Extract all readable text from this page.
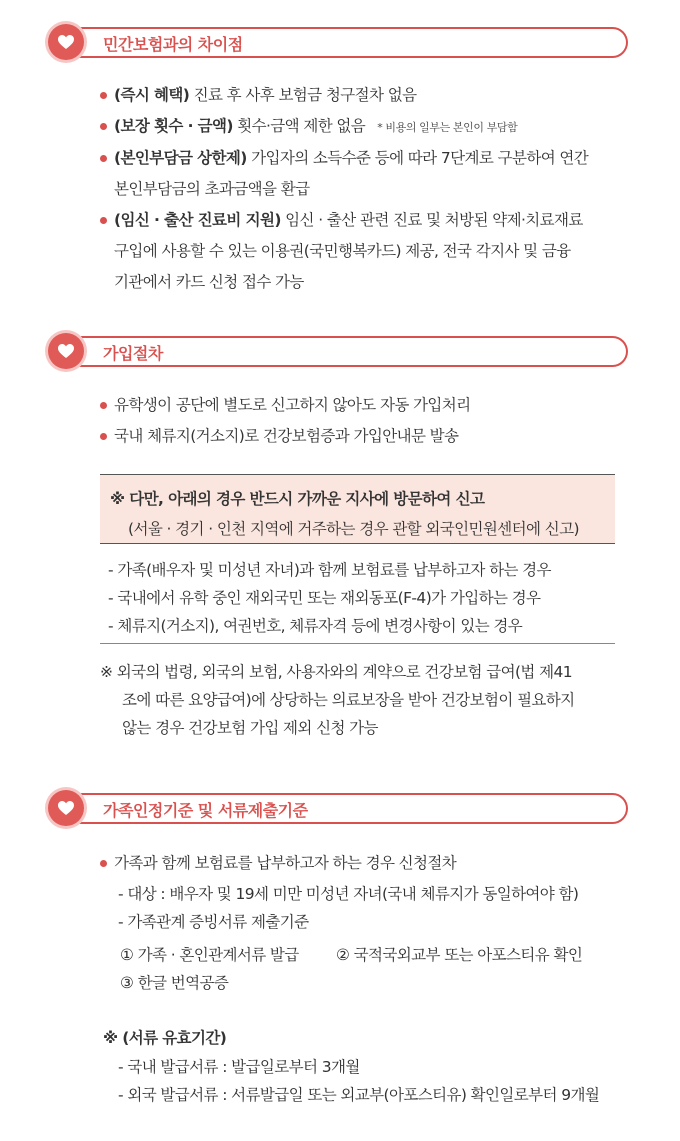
민간보험과의 차이점
(즉시 혜택) 진료 후 사후 보험금 청구절차 없음
(보장 횟수 · 금액) 횟수·금액 제한 없음 * 비용의 일부는 본인이 부담함
(본인부담금 상한제) 가입자의 소득수준 등에 따라 7단계로 구분하여 연간
본인부담금의 초과금액을 환급
(임신 · 출산 진료비 지원) 임신 · 출산 관련 진료 및 처방된 약제·치료재료
구입에 사용할 수 있는 이용권(국민행복카드) 제공, 전국 각지사 및 금융
기관에서 카드 신청 접수 가능
가입절차
유학생이 공단에 별도로 신고하지 않아도 자동 가입처리
국내 체류지(거소지)로 건강보험증과 가입안내문 발송
※ 다만, 아래의 경우 반드시 가까운 지사에 방문하여 신고
(서울 · 경기 · 인천 지역에 거주하는 경우 관할 외국인민원센터에 신고)
- 가족(배우자 및 미성년 자녀)과 함께 보험료를 납부하고자 하는 경우
- 국내에서 유학 중인 재외국민 또는 재외동포(F-4)가 가입하는 경우
- 체류지(거소지), 여권번호, 체류자격 등에 변경사항이 있는 경우
※ 외국의 법령, 외국의 보험, 사용자와의 계약으로 건강보험 급여(법 제41
조에 따른 요양급여)에 상당하는 의료보장을 받아 건강보험이 필요하지
않는 경우 건강보험 가입 제외 신청 가능
가족인정기준 및 서류제출기준
가족과 함께 보험료를 납부하고자 하는 경우 신청절차
- 대상 : 배우자 및 19세 미만 미성년 자녀(국내 체류지가 동일하여야 함)
- 가족관계 증빙서류 제출기준
① 가족 · 혼인관계서류 발급 ② 국적국외교부 또는 아포스티유 확인
③ 한글 번역공증
※ (서류 유효기간)
- 국내 발급서류 : 발급일로부터 3개월
- 외국 발급서류 : 서류발급일 또는 외교부(아포스티유) 확인일로부터 9개월
